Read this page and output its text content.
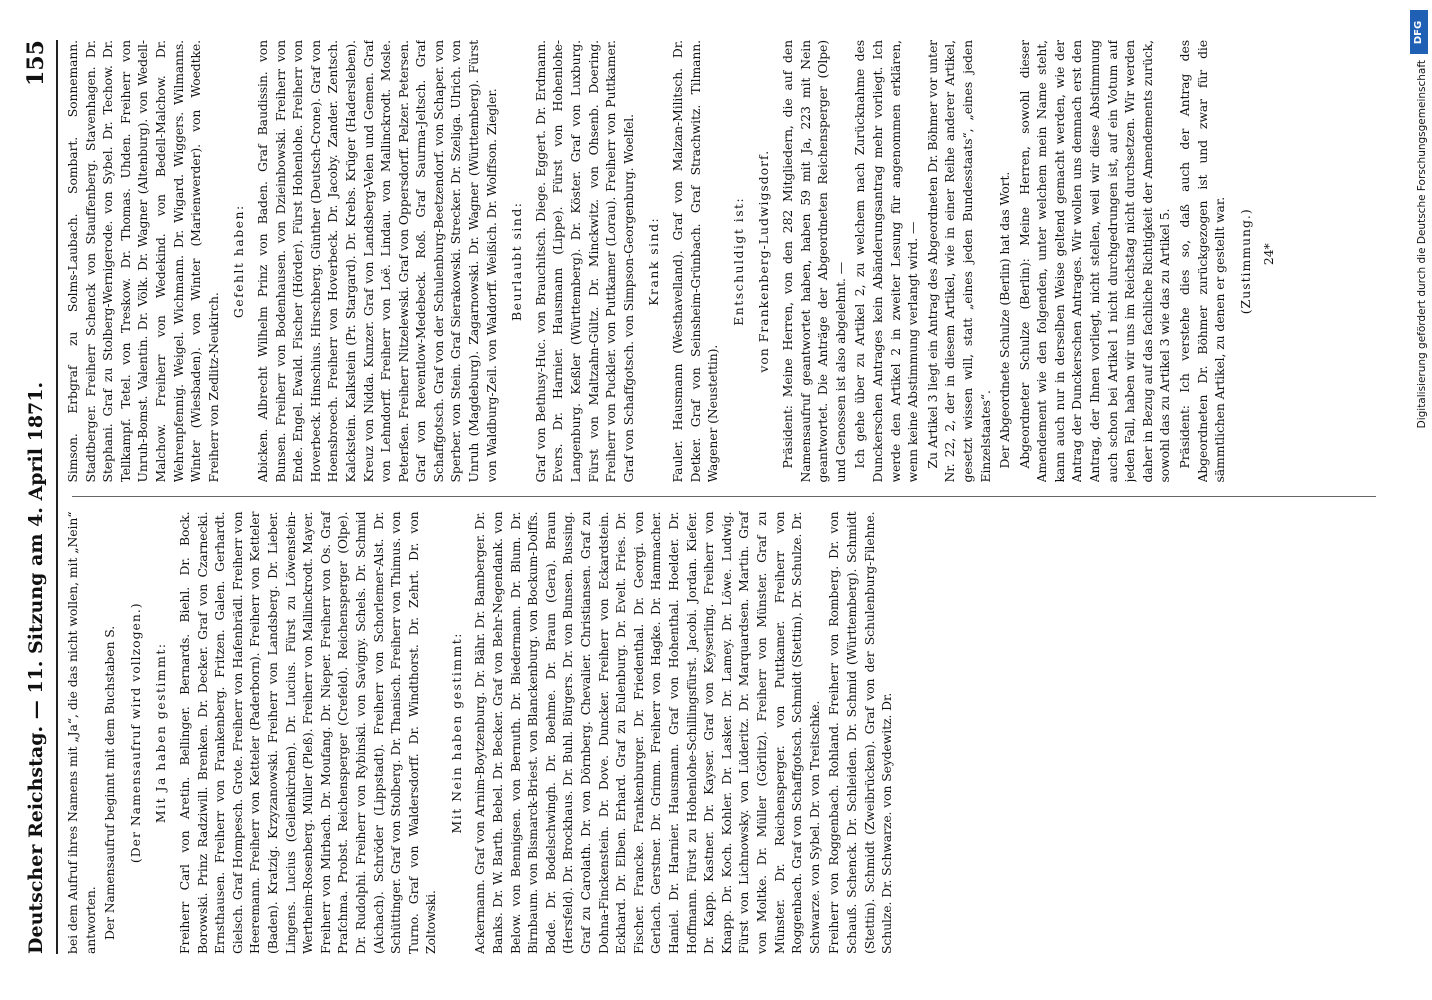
Deutscher Reichstag. — 11. Sitzung am 4. April 1871.
155

bei dem Aufruf ihres Namens mit „Ja“, die das nicht wollen, mit „Nein“ antworten. Der Namensaufruf beginnt mit dem Buchstaben S. (Der Namensaufruf wird vollzogen.) Mit Ja haben gestimmt: Freiherr Carl von Aretin. Bellinger. Bernards. Biehl. Dr. Bock. Borowski. Prinz Radziwill. Brenken. Dr. Decker. Graf von Czarnecki. Ernsthausen. Freiherr von Frankenberg. Fritzen. Galen. Gerhardt. Gielsch. Graf Hompesch. Grote. Freiherr von Hafenbrädl. Freiherr von Heeremann. Freiherr von Ketteler (Paderborn). Freiherr von Ketteler (Baden). Kratzig. Krzyzanowski. Freiherr von Landsberg. Dr. Lieber. Lingens. Lucius (Geilenkirchen). Dr. Lucius. Fürst zu Löwenstein-Wertheim-Rosenberg. Müller (Pleß). Freiherr von Mallinckrodt. Mayer. Freiherr von Mirbach. Dr. Moufang. Dr. Nieper. Freiherr von Os. Graf Prafchma. Probst. Reichensperger (Crefeld). Reichensperger (Olpe). Dr. Rudolphi. Freiherr von Rybinski. von Savigny. Schels. Dr. Schmid (Aichach). Schröder (Lippstadt). Freiherr von Schorlemer-Alst. Dr. Schüttinger. Graf von Stolberg. Dr. Thanisch. Freiherr von Thimus. von Turno. Graf von Waldersdorff. Dr. Windthorst. Dr. Zehrt. Dr. von Zoltowski.

Mit Nein haben gestimmt: Ackermann. Graf von Arnim-Boytzenburg. Dr. Bähr. Dr. Bamberger. Dr. Banks. Dr. W. Barth. Bebel. Dr. Becker. Graf von Behr-Negendank. von Below. von Bennigsen. von Bernuth. Dr. Biedermann. Dr. Blum. Dr. Birnbaum. von Bismarck-Briest. von Blanckenburg. von Bockum-Dolffs. Bode. Dr. Bodelschwingh. Dr. Boehme. Dr. Braun (Gera). Braun (Hersfeld). Dr. Brockhaus. Dr. Buhl. Bürgers. Dr. von Bunsen. Bussing. Graf zu Carolath. Dr. von Dörnberg. Chevalier. Christiansen. Graf zu Dohna-Finckenstein. Dr. Dove. Duncker. Freiherr von Eckardstein. Eckhard. Dr. Elben. Erhard. Graf zu Eulenburg. Dr. Evelt. Fries. Dr. Fischer. Francke. Frankenburger. Dr. Friedenthal. Dr. Georgi. von Gerlach. Gerstner. Dr. Grimm. Freiherr von Hagke. Dr. Hammacher. Haniel. Dr. Harnier. Hausmann. Graf von Hohenthal. Hoelder. Dr. Hoffmann. Fürst zu Hohenlohe-Schillingsfürst. Jacobi. Jordan. Kiefer. Dr. Kapp. Kastner. Dr. Kayser. Graf von Keyserling. Freiherr von Knapp. Dr. Koch. Kohler. Dr. Lasker. Dr. Lamey. Dr. Löwe. Ludwig. Fürst von Lichnowsky. von Lüderitz. Dr. Marquardsen. Martin. Graf von Moltke. Dr. Müller (Görlitz). Freiherr von Münster. Graf zu Münster. Dr. Reichensperger. von Puttkamer. Freiherr von Roggenbach. Graf von Schaffgotsch. Schmidt (Stettin). Dr. Schulze. Dr. Schwarze. von Sybel. Dr. von Treitschke. Freiherr von Roggenbach. Rohland. Freiherr von Romberg. Dr. von Schauß. Schenck. Dr. Schleiden. Dr. Schmid (Württemberg). Schmidt (Stettin). Schmidt (Zweibrücken). Graf von der Schulenburg-Filehne. Schulze. Dr. Schwarze. von Seydewitz. Dr.

Simson. Erbgraf zu Solms-Laubach. Sombart. Sonnemann. Stadtberger. Freiherr Schenck von Stauffenberg. Stavenhagen. Dr. Stephani. Graf zu Stolberg-Wernigerode. von Sybel. Dr. Techow. Dr. Tellkampf. Tetel. von Treskow. Dr. Thomas. Uhden. Freiherr von Unruh-Bomst. Valentin. Dr. Völk. Dr. Wagner (Altenburg). von Wedell-Malchow. Freiherr von Wedekind. von Bedell-Malchow. Dr. Wehrenpfennig. Weigel. Wichmann. Dr. Wigard. Wiggers. Wilmanns. Winter (Wiesbaden). von Winter (Marienwerder). von Woedtke. Freiherr von Zedlitz-Neukirch.

Gefehlt haben: Abicken. Albrecht Wilhelm Prinz von Baden. Graf Baudissin. von Bunsen. Freiherr von Bodenhausen. von Dzieinbowski. Freiherr von Ende. Engel. Ewald. Fischer (Hörder). Fürst Hohenlohe. Freiherr von Hoverbeck. Hinschius. Hirschberg. Günther (Deutsch-Crone). Graf von Hoensbroech. Freiherr von Hoverbeck. Dr. Jacoby. Zander. Zentsch. Kalckstein. Kalkstein (Pr. Stargard). Dr. Krebs. Krüger (Hadersleben). Kreuz von Nidda. Kunzer. Graf von Landsberg-Velen und Gemen. Graf von Lehndorff. Freiherr von Loë. Lindau. von Mallinckrodt. Mosle. Peterßen. Freiherr Nitzelewski. Graf von Oppersdorff. Pelzer. Petersen. Graf von Reventlow-Medebeck. Roß. Graf Saurma-Jeltsch. Graf Schaffgotsch. Graf von der Schulenburg-Beetzendorf. von Schaper. von Sperber. von Stein. Graf Sierakowski. Strecker. Dr. Szeliga. Ulrich. von Unruh (Magdeburg). Zagarnowski. Dr. Wagner (Württemberg). Fürst von Waldburg-Zeil. von Waldorff. Weißich. Dr. Wolffson. Ziegler. Beurlaubt sind: Graf von Bethusy-Huc. von Brauchitsch. Diege. Eggert. Dr. Erdmann. Evers. Dr. Harnier. Hausmann (Lippe). Fürst von Hohenlohe-Langenburg. Keßler (Württemberg). Dr. Köster. Graf von Luxburg. Fürst von Maltzahn-Gültz. Dr. Minckwitz. von Ohsenb. Doering. Freiherr von Puckler. von Puttkamer (Lorau). Freiherr von Puttkamer. Graf von Schaffgotsch. von Simpson-Georgenburg. Woelfel. Krank sind: Fauler. Hausmann (Westhavelland). Graf von Malzan-Militsch. Dr. Detker. Graf von Seinsheim-Grünbach. Graf Strachwitz. Tilmann. Wagener (Neustettin).

Entschuldigt ist: von Frankenberg-Ludwigsdorf. Präsident: Meine Herren, von den 282 Mitgliedern, die auf den Namensaufruf geantwortet haben, haben 59 mit Ja, 223 mit Nein geantwortet. Die Anträge der Abgeordneten Reichensperger (Olpe) und Genossen ist also abgelehnt. — Ich gehe über zu Artikel 2, zu welchem nach Zurücknahme des Dunckerschen Antrages kein Abänderungsantrag mehr vorliegt. Ich werde den Artikel 2 in zweiter Lesung für angenommen erklären, wenn keine Abstimmung verlangt wird. — Zu Artikel 3 liegt ein Antrag des Abgeordneten Dr. Böhmer vor unter Nr. 22, 2, der in diesem Artikel, wie in einer Reihe anderer Artikel, gesetzt wissen will, statt „eines jeden Bundesstaats“, „eines jeden Einzelstaates“. Der Abgeordnete Schulze (Berlin) hat das Wort. Abgeordneter Schulze (Berlin): Meine Herren, sowohl dieser Amendement wie den folgenden, unter welchem mein Name steht, kann auch nur in derselben Weise geltend gemacht werden, wie der Antrag der Dunckerschen Antrages. Wir wollen uns demnach erst den Antrag, der Ihnen vorliegt, nicht stellen, weil wir diese Abstimmung auch schon bei Artikel 1 nicht durchgedrungen ist, auf ein Votum auf jeden Fall, haben wir uns im Reichstag nicht durchsetzen. Wir werden daher in Bezug auf das fachliche Richtigkeit der Amendements zurück, sowohl das zu Artikel 3 wie das zu Artikel 5. Präsident: Ich verstehe dies so, daß auch der Antrag des Abgeordneten Dr. Böhmer zurückgezogen ist und zwar für die sämmtlichen Artikel, zu denen er gestellt war. (Zustimmung.) 24*	Digitalisierung gefördert durch die Deutsche Forschungsgemeinschaft
DFG
